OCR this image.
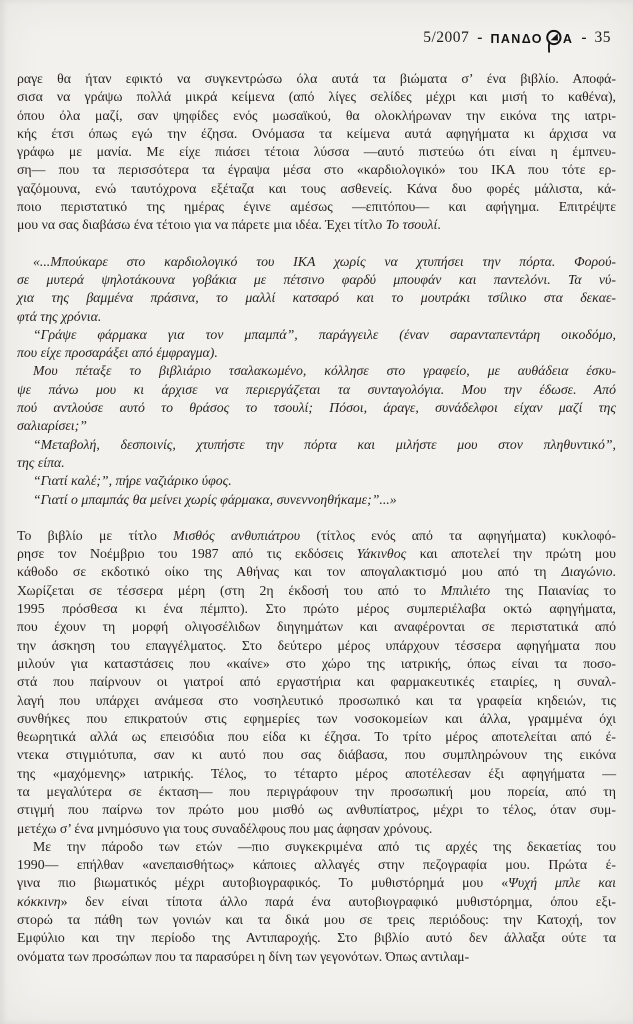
5/2007 - ΠΑΝΔΟ Α - 35
ραγε θα ήταν εφικτό να συγκεντρώσω όλα αυτά τα βιώματα σ’ ένα βιβλίο. Αποφά-
σισα να γράψω πολλά μικρά κείμενα (από λίγες σελίδες μέχρι και μισή το καθένα),
όπου όλα μαζί, σαν ψηφίδες ενός μωσαϊκού, θα ολοκλήρωναν την εικόνα της ιατρι-
κής έτσι όπως εγώ την έζησα. Ονόμασα τα κείμενα αυτά αφηγήματα κι άρχισα να
γράφω με μανία. Με είχε πιάσει τέτοια λύσσα —αυτό πιστεύω ότι είναι η έμπνευ-
ση— που τα περισσότερα τα έγραψα μέσα στο «καρδιολογικό» του ΙΚΑ που τότε ερ-
γαζόμουνα, ενώ ταυτόχρονα εξέταζα και τους ασθενείς. Κάνα δυο φορές μάλιστα, κά-
ποιο περιστατικό της ημέρας έγινε αμέσως —επιτόπου— και αφήγημα. Επιτρέψτε
μου να σας διαβάσω ένα τέτοιο για να πάρετε μια ιδέα. Έχει τίτλο Το τσουλί.
«...Μπούκαρε στο καρδιολογικό του ΙΚΑ χωρίς να χτυπήσει την πόρτα. Φορού-
σε μυτερά ψηλοτάκουνα γοβάκια με πέτσινο φαρδύ μπουφάν και παντελόνι. Τα νύ-
χια της βαμμένα πράσινα, το μαλλί κατσαρό και το μουτράκι τσίλικο στα δεκαε-
φτά της χρόνια.
“Γράψε φάρμακα για τον μπαμπά”, παράγγειλε (έναν σαρανταπεντάρη οικοδόμο,
που είχε προσαράξει από έμφραγμα).
Μου πέταξε το βιβλιάριο τσαλακωμένο, κόλλησε στο γραφείο, με αυθάδεια έσκυ-
ψε πάνω μου κι άρχισε να περιεργάζεται τα συνταγολόγια. Μου την έδωσε. Από
πού αντλούσε αυτό το θράσος το τσουλί; Πόσοι, άραγε, συνάδελφοι είχαν μαζί της
σαλιαρίσει;”
“Μεταβολή, δεσποινίς, χτυπήστε την πόρτα και μιλήστε μου στον πληθυντικό”,
της είπα.
“Γιατί καλέ;”, πήρε ναζιάρικο ύφος.
“Γιατί ο μπαμπάς θα μείνει χωρίς φάρμακα, συνεννοηθήκαμε;”...»
Το βιβλίο με τίτλο Μισθός ανθυπιάτρου (τίτλος ενός από τα αφηγήματα) κυκλοφό-
ρησε τον Νοέμβριο του 1987 από τις εκδόσεις Υάκινθος και αποτελεί την πρώτη μου
κάθοδο σε εκδοτικό οίκο της Αθήνας και τον απογαλακτισμό μου από τη Διαγώνιο.
Χωρίζεται σε τέσσερα μέρη (στη 2η έκδοσή του από το Μπιλιέτο της Παιανίας το
1995 πρόσθεσα κι ένα πέμπτο). Στο πρώτο μέρος συμπεριέλαβα οκτώ αφηγήματα,
που έχουν τη μορφή ολιγοσέλιδων διηγημάτων και αναφέρονται σε περιστατικά από
την άσκηση του επαγγέλματος. Στο δεύτερο μέρος υπάρχουν τέσσερα αφηγήματα που
μιλούν για καταστάσεις που «καίνε» στο χώρο της ιατρικής, όπως είναι τα ποσο-
στά που παίρνουν οι γιατροί από εργαστήρια και φαρμακευτικές εταιρίες, η συναλ-
λαγή που υπάρχει ανάμεσα στο νοσηλευτικό προσωπικό και τα γραφεία κηδειών, τις
συνθήκες που επικρατούν στις εφημερίες των νοσοκομείων και άλλα, γραμμένα όχι
θεωρητικά αλλά ως επεισόδια που είδα κι έζησα. Το τρίτο μέρος αποτελείται από έ-
ντεκα στιγμιότυπα, σαν κι αυτό που σας διάβασα, που συμπληρώνουν της εικόνα
της «μαχόμενης» ιατρικής. Τέλος, το τέταρτο μέρος αποτέλεσαν έξι αφηγήματα —
τα μεγαλύτερα σε έκταση— που περιγράφουν την προσωπική μου πορεία, από τη
στιγμή που παίρνω τον πρώτο μου μισθό ως ανθυπίατρος, μέχρι το τέλος, όταν συμ-
μετέχω σ’ ένα μνημόσυνο για τους συναδέλφους που μας άφησαν χρόνους.
Με την πάροδο των ετών —πιο συγκεκριμένα από τις αρχές της δεκαετίας του
1990— επήλθαν «ανεπαισθήτως» κάποιες αλλαγές στην πεζογραφία μου. Πρώτα έ-
γινα πιο βιωματικός μέχρι αυτοβιογραφικός. Το μυθιστόρημά μου «Ψυχή μπλε και
κόκκινη» δεν είναι τίποτα άλλο παρά ένα αυτοβιογραφικό μυθιστόρημα, όπου εξι-
στορώ τα πάθη των γονιών και τα δικά μου σε τρεις περιόδους: την Κατοχή, τον
Εμφύλιο και την περίοδο της Αντιπαροχής. Στο βιβλίο αυτό δεν άλλαξα ούτε τα
ονόματα των προσώπων που τα παρασύρει η δίνη των γεγονότων. Όπως αντιλαμ-
